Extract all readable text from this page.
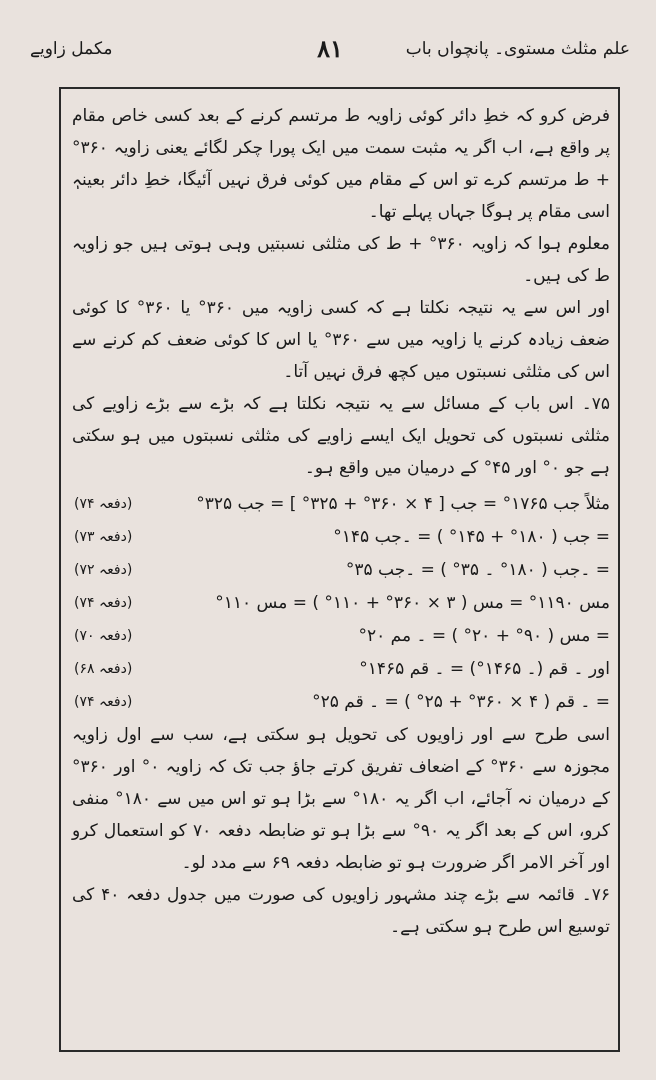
علم مثلث مستوی۔ پانچواں باب
۸۱
مکمل زاویے

فرض کرو کہ خطِ دائر کوئی زاویہ ط مرتسم کرنے کے بعد کسی خاص مقام پر واقع ہے، اب اگر یہ مثبت سمت میں ایک پورا چکر لگائے یعنی زاویہ ۳۶۰° + ط مرتسم کرے تو اس کے مقام میں کوئی فرق نہیں آئیگا، خطِ دائر بعینہٖ اسی مقام پر ہوگا جہاں پہلے تھا۔

معلوم ہوا کہ زاویہ ۳۶۰° + ط کی مثلثی نسبتیں وہی ہوتی ہیں جو زاویہ ط کی ہیں۔

اور اس سے یہ نتیجہ نکلتا ہے کہ کسی زاویہ میں ۳۶۰° یا ۳۶۰° کا کوئی ضعف زیادہ کرنے یا زاویہ میں سے ۳۶۰° یا اس کا کوئی ضعف کم کرنے سے اس کی مثلثی نسبتوں میں کچھ فرق نہیں آتا۔

۷۵۔ اس باب کے مسائل سے یہ نتیجہ نکلتا ہے کہ بڑے سے بڑے زاویے کی مثلثی نسبتوں کی تحویل ایک ایسے زاویے کی مثلثی نسبتوں میں ہو سکتی ہے جو ۰° اور ۴۵° کے درمیان میں واقع ہو۔

مثلاً جب ۱۷۶۵° = جب [ ۴ × ۳۶۰° + ۳۲۵° ] = جب ۳۲۵°
(دفعہ ۷۴)
= جب ( ۱۸۰° + ۱۴۵° ) = ۔جب ۱۴۵°
(دفعہ ۷۳)
= ۔جب ( ۱۸۰° ۔ ۳۵° ) = ۔جب ۳۵°
(دفعہ ۷۲)
مس ۱۱۹۰° = مس ( ۳ × ۳۶۰° + ۱۱۰° ) = مس ۱۱۰°
(دفعہ ۷۴)
= مس ( ۹۰° + ۲۰° ) = ۔ مم ۲۰°
(دفعہ ۷۰)
اور ۔ قم (۔ ۱۴۶۵°) = ۔ قم ۱۴۶۵°
(دفعہ ۶۸)
= ۔ قم ( ۴ × ۳۶۰° + ۲۵° ) = ۔ قم ۲۵°
(دفعہ ۷۴)

اسی طرح سے اور زاویوں کی تحویل ہو سکتی ہے، سب سے اول زاویہ مجوزہ سے ۳۶۰° کے اضعاف تفریق کرتے جاؤ جب تک کہ زاویہ ۰° اور ۳۶۰° کے درمیان نہ آجائے، اب اگر یہ ۱۸۰° سے بڑا ہو تو اس میں سے ۱۸۰° منفی کرو، اس کے بعد اگر یہ ۹۰° سے بڑا ہو تو ضابطہ دفعہ ۷۰ کو استعمال کرو اور آخر الامر اگر ضرورت ہو تو ضابطہ دفعہ ۶۹ سے مدد لو۔

۷۶۔ قائمہ سے بڑے چند مشہور زاویوں کی صورت میں جدول دفعہ ۴۰ کی توسیع اس طرح ہو سکتی ہے۔
